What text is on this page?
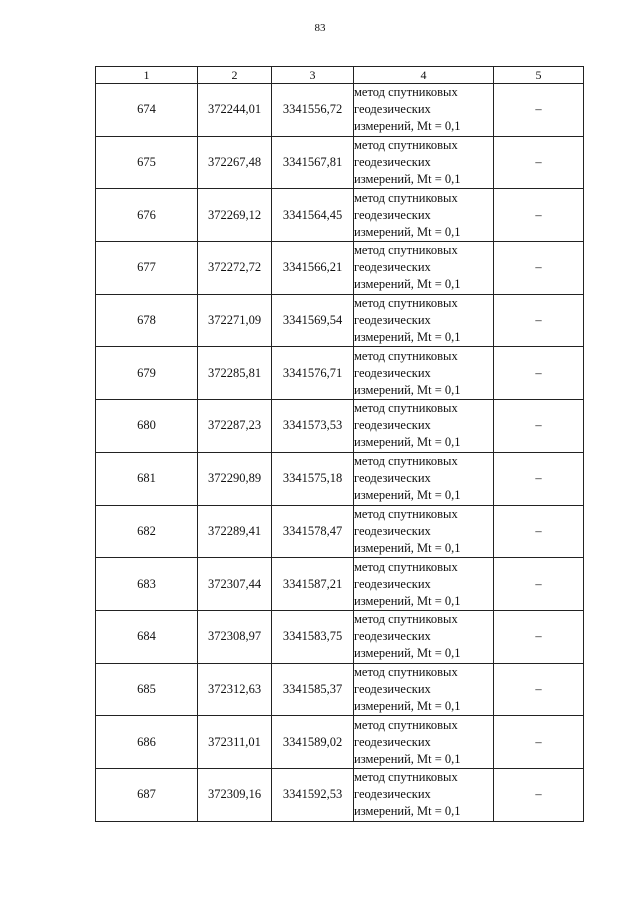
83
1	2	3	4	5
674	372244,01	3341556,72	метод спутниковых
геодезических
измерений, Mt = 0,1	–
675	372267,48	3341567,81	метод спутниковых
геодезических
измерений, Mt = 0,1	–
676	372269,12	3341564,45	метод спутниковых
геодезических
измерений, Mt = 0,1	–
677	372272,72	3341566,21	метод спутниковых
геодезических
измерений, Mt = 0,1	–
678	372271,09	3341569,54	метод спутниковых
геодезических
измерений, Mt = 0,1	–
679	372285,81	3341576,71	метод спутниковых
геодезических
измерений, Mt = 0,1	–
680	372287,23	3341573,53	метод спутниковых
геодезических
измерений, Mt = 0,1	–
681	372290,89	3341575,18	метод спутниковых
геодезических
измерений, Mt = 0,1	–
682	372289,41	3341578,47	метод спутниковых
геодезических
измерений, Mt = 0,1	–
683	372307,44	3341587,21	метод спутниковых
геодезических
измерений, Mt = 0,1	–
684	372308,97	3341583,75	метод спутниковых
геодезических
измерений, Mt = 0,1	–
685	372312,63	3341585,37	метод спутниковых
геодезических
измерений, Mt = 0,1	–
686	372311,01	3341589,02	метод спутниковых
геодезических
измерений, Mt = 0,1	–
687	372309,16	3341592,53	метод спутниковых
геодезических
измерений, Mt = 0,1	–
